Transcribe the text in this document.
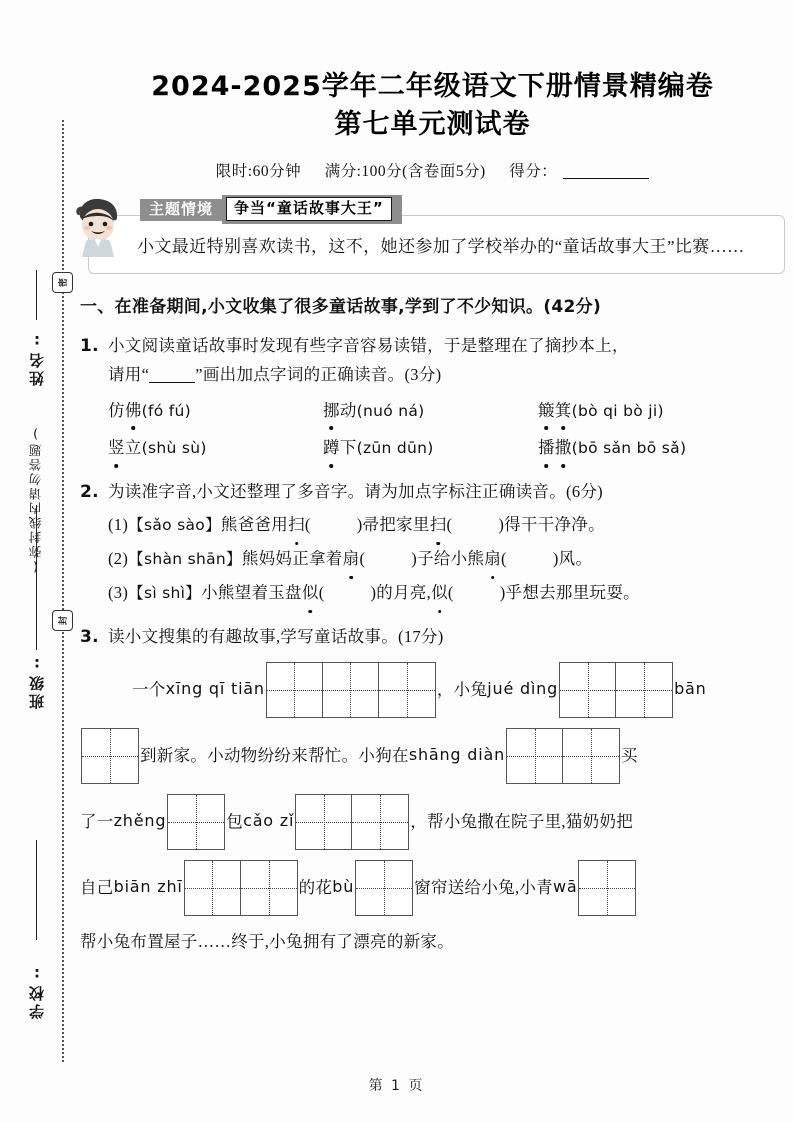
姓名:
密
(弥封线内请勿答题)
封
班级:
学校:
2024-2025学年二年级语文下册情景精编卷
第七单元测试卷
限时:60分钟 满分:100分(含卷面5分) 得分：
主题情境	争当“童话故事大王”
小文最近特别喜欢读书，这不，她还参加了学校举办的“童话故事大王”比赛……
一、在准备期间,小文收集了很多童话故事,学到了不少知识。(42分)
1. 小文阅读童话故事时发现有些字音容易读错，于是整理在了摘抄本上，
请用“	”画出加点字词的正确读音。(3分)
仿佛(fó fú)	挪动(nuó ná)	簸箕(bò qi bò ji)
竖立(shù sù)	蹲下(zūn dūn)	播撒(bō sǎn bō sǎ)
2. 为读准字音,小文还整理了多音字。请为加点字标注正确读音。(6分)
(1)【sǎo sào】熊爸爸用扫(	)帚把家里扫(	)得干干净净。
(2)【shàn shān】熊妈妈正拿着扇(	)子给小熊扇(	)风。
(3)【sì shì】小熊望着玉盘似(	)的月亮,似(	)乎想去那里玩耍。
3. 读小文搜集的有趣故事,学写童话故事。(17分)
一个 xīng qī tiān	，小兔 jué dìng	bān
到新家。小动物纷纷来帮忙。小狗在 shāng diàn	买
了一 zhěng	包 cǎo zǐ	，帮小兔撒在院子里,猫奶奶把
自己 biān zhī	的花 bù	窗帘送给小兔,小青 wā
帮小兔布置屋子……终于,小兔拥有了漂亮的新家。
第 1 页
